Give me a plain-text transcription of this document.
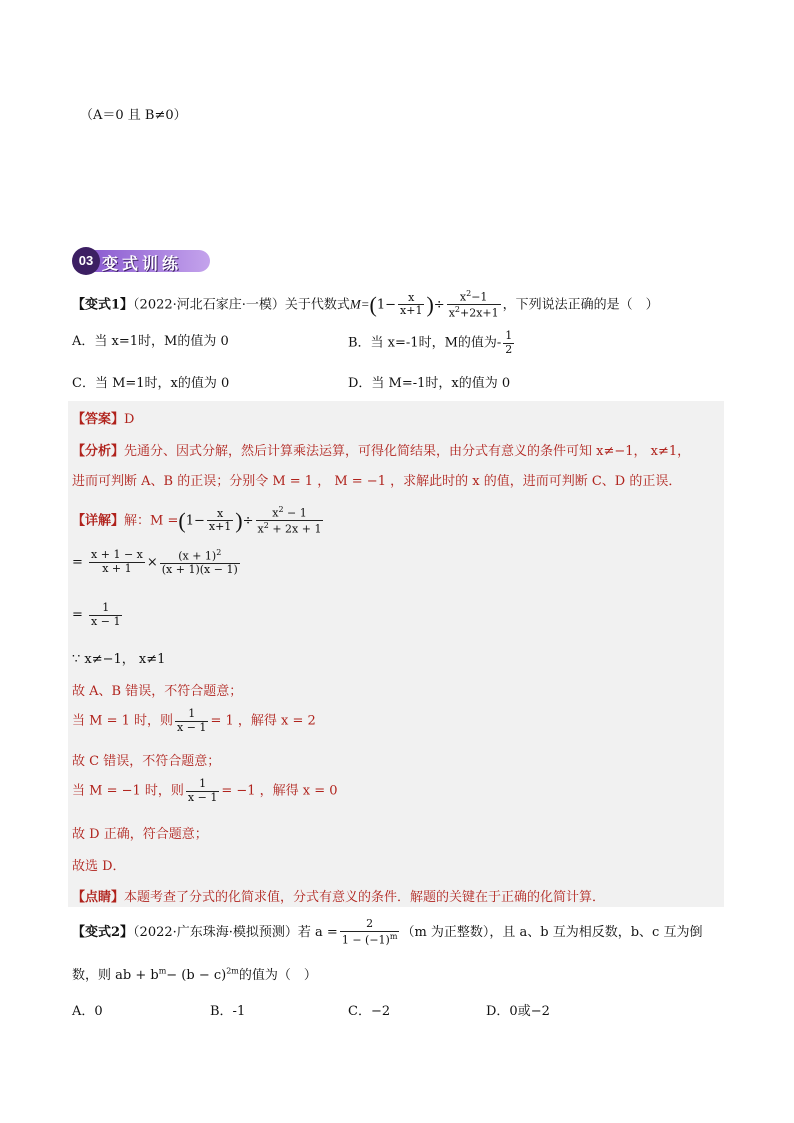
（A＝0 且 B≠0）
变式训练
03
【变式1】（2022·河北石家庄·一模）关于代数式$M=(1- \frac{x}{x+1}$ )÷ $\frac{x^2-1}{x^2+2x+1}$ ，下列说法正确的是（　）
A．当 x=1时，M的值为 0	B．当 x=-1时，M的值为- $\frac{1}{2}$
C．当 M=1时，x的值为 0	D．当 M=-1时，x的值为 0
【答案】D
【分析】先通分、因式分解，然后计算乘法运算，可得化简结果，由分式有意义的条件可知 x≠−1， x≠1，
进而可判断 A、B 的正误；分别令 M = 1 ， M = −1 ，求解此时的 x 的值，进而可判断 C、D 的正误．
【详解】解：$M =(1- \frac{x}{x+1}$ )÷ $\frac{x^2 - 1}{x^2 + 2x + 1}$
= $\frac{x + 1 - x}{x + 1} \times \frac{(x + 1)^2}{(x + 1)(x - 1)}$
= $\frac{1}{x - 1}$
∵ x≠−1， x≠1
故 A、B 错误，不符合题意；
当 M = 1 时，则 $\frac{1}{x - 1} = 1$ ，解得 x = 2
故 C 错误，不符合题意；
当 M = −1 时，则 $\frac{1}{x - 1} = -1$ ，解得 x = 0
故 D 正确，符合题意；
故选 D．
【点睛】本题考查了分式的化简求值，分式有意义的条件．解题的关键在于正确的化简计算．
【变式2】（2022·广东珠海·模拟预测）若 $a = \frac{2}{1 - (-1)^m} (m$ 为正整数），且 a、b 互为相反数，b、c 互为倒
数，则 ab + $b^m- (b - c)^{2m}$的值为（　）
A．0	B．-1	C．−2	D．0或−2
